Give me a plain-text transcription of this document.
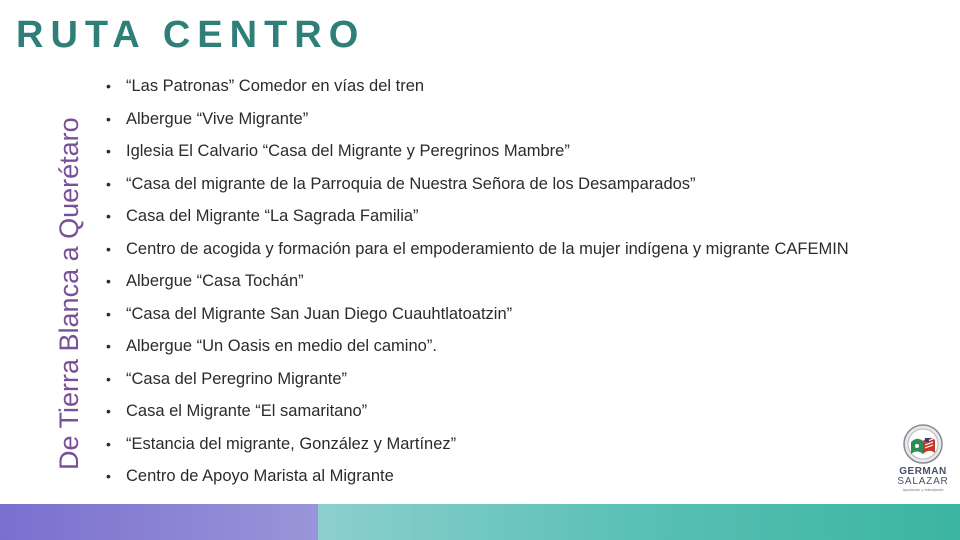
RUTA CENTRO
De Tierra Blanca a Querétaro
• “Las Patronas” Comedor en vías del tren
• Albergue “Vive Migrante”
• Iglesia El Calvario “Casa del Migrante y Peregrinos Mambre”
• “Casa del migrante de la Parroquia de Nuestra Señora de los Desamparados”
• Casa del Migrante “La Sagrada Familia”
• Centro de acogida y formación para el empoderamiento de la mujer indígena y migrante CAFEMIN
• Albergue “Casa Tochán”
• “Casa del Migrante San Juan Diego Cuauhtlatoatzin”
• Albergue “Un Oasis en medio del camino”.
• “Casa del Peregrino Migrante”
• Casa el Migrante “El samaritano”
• “Estancia del migrante, González y Martínez”
• Centro de Apoyo Marista al Migrante	GERMAN
SALAZAR
Ayudando y trabajando
